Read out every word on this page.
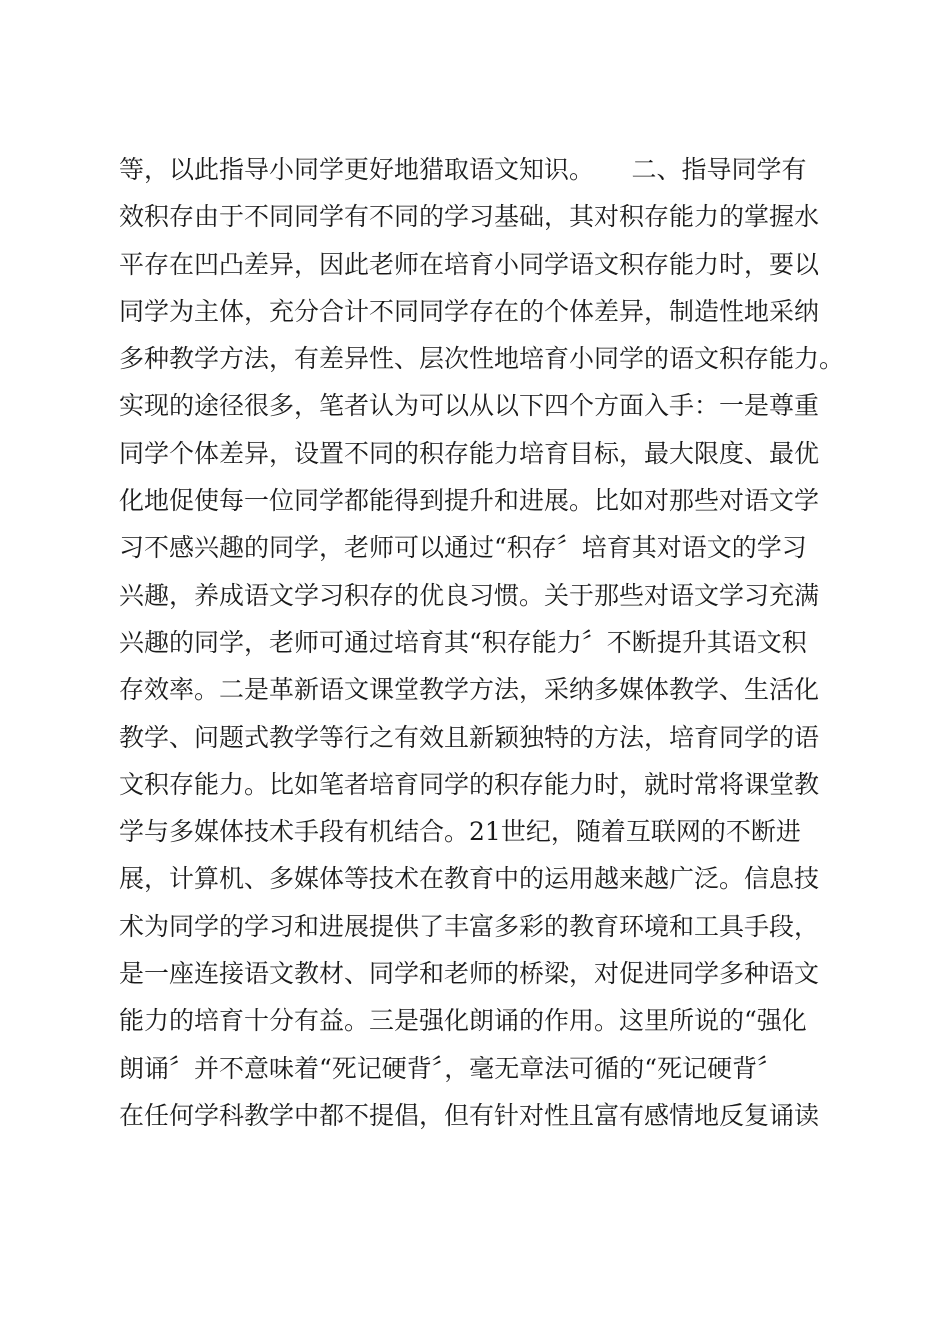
等，以此指导小同学更好地猎取语文知识。　　二、指导同学有
效积存由于不同同学有不同的学习基础，其对积存能力的掌握水
平存在凹凸差异，因此老师在培育小同学语文积存能力时，要以
同学为主体，充分合计不同同学存在的个体差异，制造性地采纳
多种教学方法，有差异性、层次性地培育小同学的语文积存能力。
实现的途径很多，笔者认为可以从以下四个方面入手：一是尊重
同学个体差异，设置不同的积存能力培育目标，最大限度、最优
化地促使每一位同学都能得到提升和进展。比如对那些对语文学
习不感兴趣的同学，老师可以通过“积存〞培育其对语文的学习
兴趣，养成语文学习积存的优良习惯。关于那些对语文学习充满
兴趣的同学，老师可通过培育其“积存能力〞不断提升其语文积
存效率。二是革新语文课堂教学方法，采纳多媒体教学、生活化
教学、问题式教学等行之有效且新颖独特的方法，培育同学的语
文积存能力。比如笔者培育同学的积存能力时，就时常将课堂教
学与多媒体技术手段有机结合。21世纪，随着互联网的不断进
展，计算机、多媒体等技术在教育中的运用越来越广泛。信息技
术为同学的学习和进展提供了丰富多彩的教育环境和工具手段，
是一座连接语文教材、同学和老师的桥梁，对促进同学多种语文
能力的培育十分有益。三是强化朗诵的作用。这里所说的“强化
朗诵〞并不意味着“死记硬背〞，毫无章法可循的“死记硬背〞
在任何学科教学中都不提倡，但有针对性且富有感情地反复诵读
